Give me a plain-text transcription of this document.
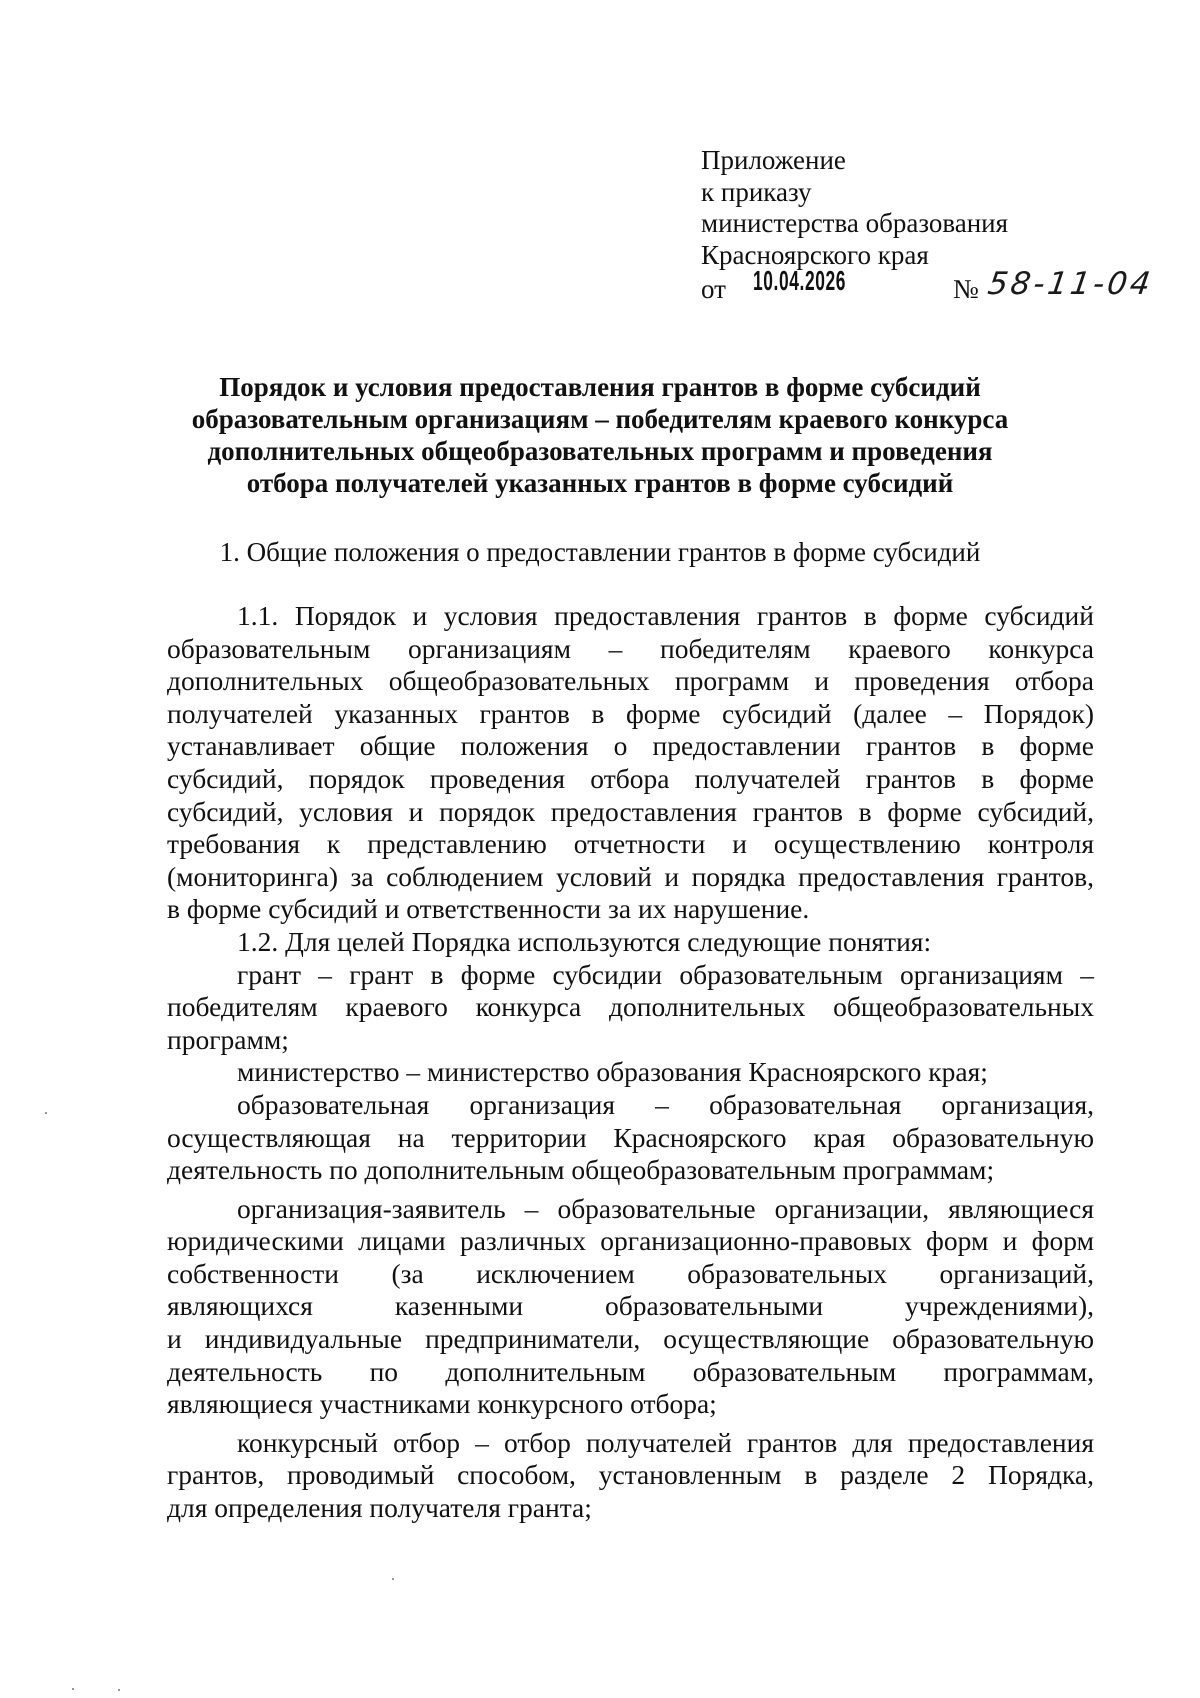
Приложение
к приказу
министерства образования
Красноярского края
от 10.04.2026	№ 58-11-04
Порядок и условия предоставления грантов в форме субсидий
образовательным организациям – победителям краевого конкурса
дополнительных общеобразовательных программ и проведения
отбора получателей указанных грантов в форме субсидий
1. Общие положения о предоставлении грантов в форме субсидий
1.1. Порядок и условия предоставления грантов в форме субсидий
образовательным организациям – победителям краевого конкурса
дополнительных общеобразовательных программ и проведения отбора
получателей указанных грантов в форме субсидий (далее – Порядок)
устанавливает общие положения о предоставлении грантов в форме
субсидий, порядок проведения отбора получателей грантов в форме
субсидий, условия и порядок предоставления грантов в форме субсидий,
требования к представлению отчетности и осуществлению контроля
(мониторинга) за соблюдением условий и порядка предоставления грантов,
в форме субсидий и ответственности за их нарушение.
1.2. Для целей Порядка используются следующие понятия:
грант – грант в форме субсидии образовательным организациям –
победителям краевого конкурса дополнительных общеобразовательных
программ;
министерство – министерство образования Красноярского края;
образовательная организация – образовательная организация,
осуществляющая на территории Красноярского края образовательную
деятельность по дополнительным общеобразовательным программам;
организация-заявитель – образовательные организации, являющиеся
юридическими лицами различных организационно-правовых форм и форм
собственности (за исключением образовательных организаций,
являющихся казенными образовательными учреждениями),
и индивидуальные предприниматели, осуществляющие образовательную
деятельность по дополнительным образовательным программам,
являющиеся участниками конкурсного отбора;
конкурсный отбор – отбор получателей грантов для предоставления
грантов, проводимый способом, установленным в разделе 2 Порядка,
для определения получателя гранта;
